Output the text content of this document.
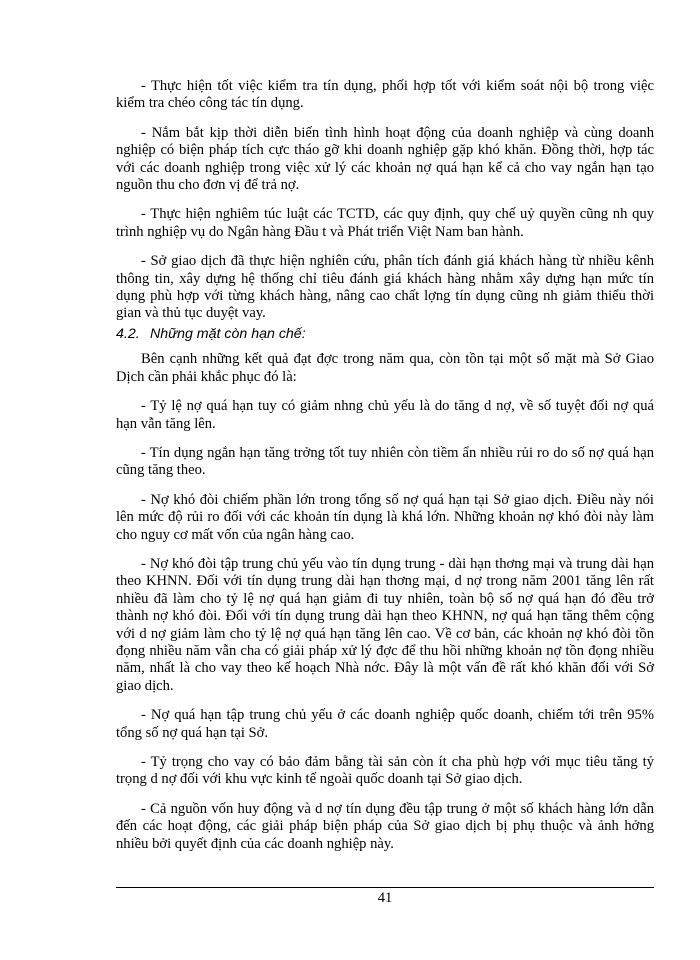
- Thực hiện tốt việc kiểm tra tín dụng, phối hợp tốt với kiểm soát nội bộ trong việc kiểm tra chéo công tác tín dụng.

- Nắm bắt kịp thời diễn biến tình hình hoạt động của doanh nghiệp và cùng doanh nghiệp có biện pháp tích cực tháo gỡ khi doanh nghiệp gặp khó khăn. Đồng thời, hợp tác với các doanh nghiệp trong việc xử lý các khoản nợ quá hạn kể cả cho vay ngắn hạn tạo nguồn thu cho đơn vị để trả nợ.

- Thực hiện nghiêm túc luật các TCTD, các quy định, quy chế uỷ quyền cũng nh quy trình nghiệp vụ do Ngân hàng Đầu t và Phát triển Việt Nam ban hành.

- Sở giao dịch đã thực hiện nghiên cứu, phân tích đánh giá khách hàng từ nhiều kênh thông tin, xây dựng hệ thống chỉ tiêu đánh giá khách hàng nhằm xây dựng hạn mức tín dụng phù hợp với từng khách hàng, nâng cao chất lợng tín dụng cũng nh giảm thiểu thời gian và thủ tục duyệt vay.

4.2. Những mặt còn hạn chế:

Bên cạnh những kết quả đạt đợc trong năm qua, còn tồn tại một số mặt mà Sở Giao Dịch cần phải khắc phục đó là:

- Tỷ lệ nợ quá hạn tuy có giảm nhng chủ yếu là do tăng d nợ, về số tuyệt đối nợ quá hạn vẫn tăng lên.

- Tín dụng ngắn hạn tăng trởng tốt tuy nhiên còn tiềm ẩn nhiều rủi ro do số nợ quá hạn cũng tăng theo.

- Nợ khó đòi chiếm phần lớn trong tổng số nợ quá hạn tại Sở giao dịch. Điều này nói lên mức độ rủi ro đối với các khoản tín dụng là khá lớn. Những khoản nợ khó đòi này làm cho nguy cơ mất vốn của ngân hàng cao.

- Nợ khó đòi tập trung chủ yếu vào tín dụng trung - dài hạn thơng mại và trung dài hạn theo KHNN. Đối với tín dụng trung dài hạn thơng mại, d nợ trong năm 2001 tăng lên rất nhiều đã làm cho tỷ lệ nợ quá hạn giảm đi tuy nhiên, toàn bộ số nợ quá hạn đó đều trở thành nợ khó đòi. Đối với tín dụng trung dài hạn theo KHNN, nợ quá hạn tăng thêm cộng với d nợ giảm làm cho tỷ lệ nợ quá hạn tăng lên cao. Về cơ bản, các khoản nợ khó đòi tồn đọng nhiều năm vẫn cha có giải pháp xử lý đợc để thu hồi những khoản nợ tồn đọng nhiều năm, nhất là cho vay theo kế hoạch Nhà nớc. Đây là một vấn đề rất khó khăn đối với Sở giao dịch.

- Nợ quá hạn tập trung chủ yếu ở các doanh nghiệp quốc doanh, chiếm tới trên 95% tổng số nợ quá hạn tại Sở.

- Tỷ trọng cho vay có bảo đảm bằng tài sản còn ít cha phù hợp với mục tiêu tăng tỷ trọng d nợ đối với khu vực kinh tế ngoài quốc doanh tại Sở giao dịch.

- Cả nguồn vốn huy động và d nợ tín dụng đều tập trung ở một số khách hàng lớn dẫn đến các hoạt động, các giải pháp biện pháp của Sở giao dịch bị phụ thuộc và ảnh hởng nhiều bởi quyết định của các doanh nghiệp này.

41
